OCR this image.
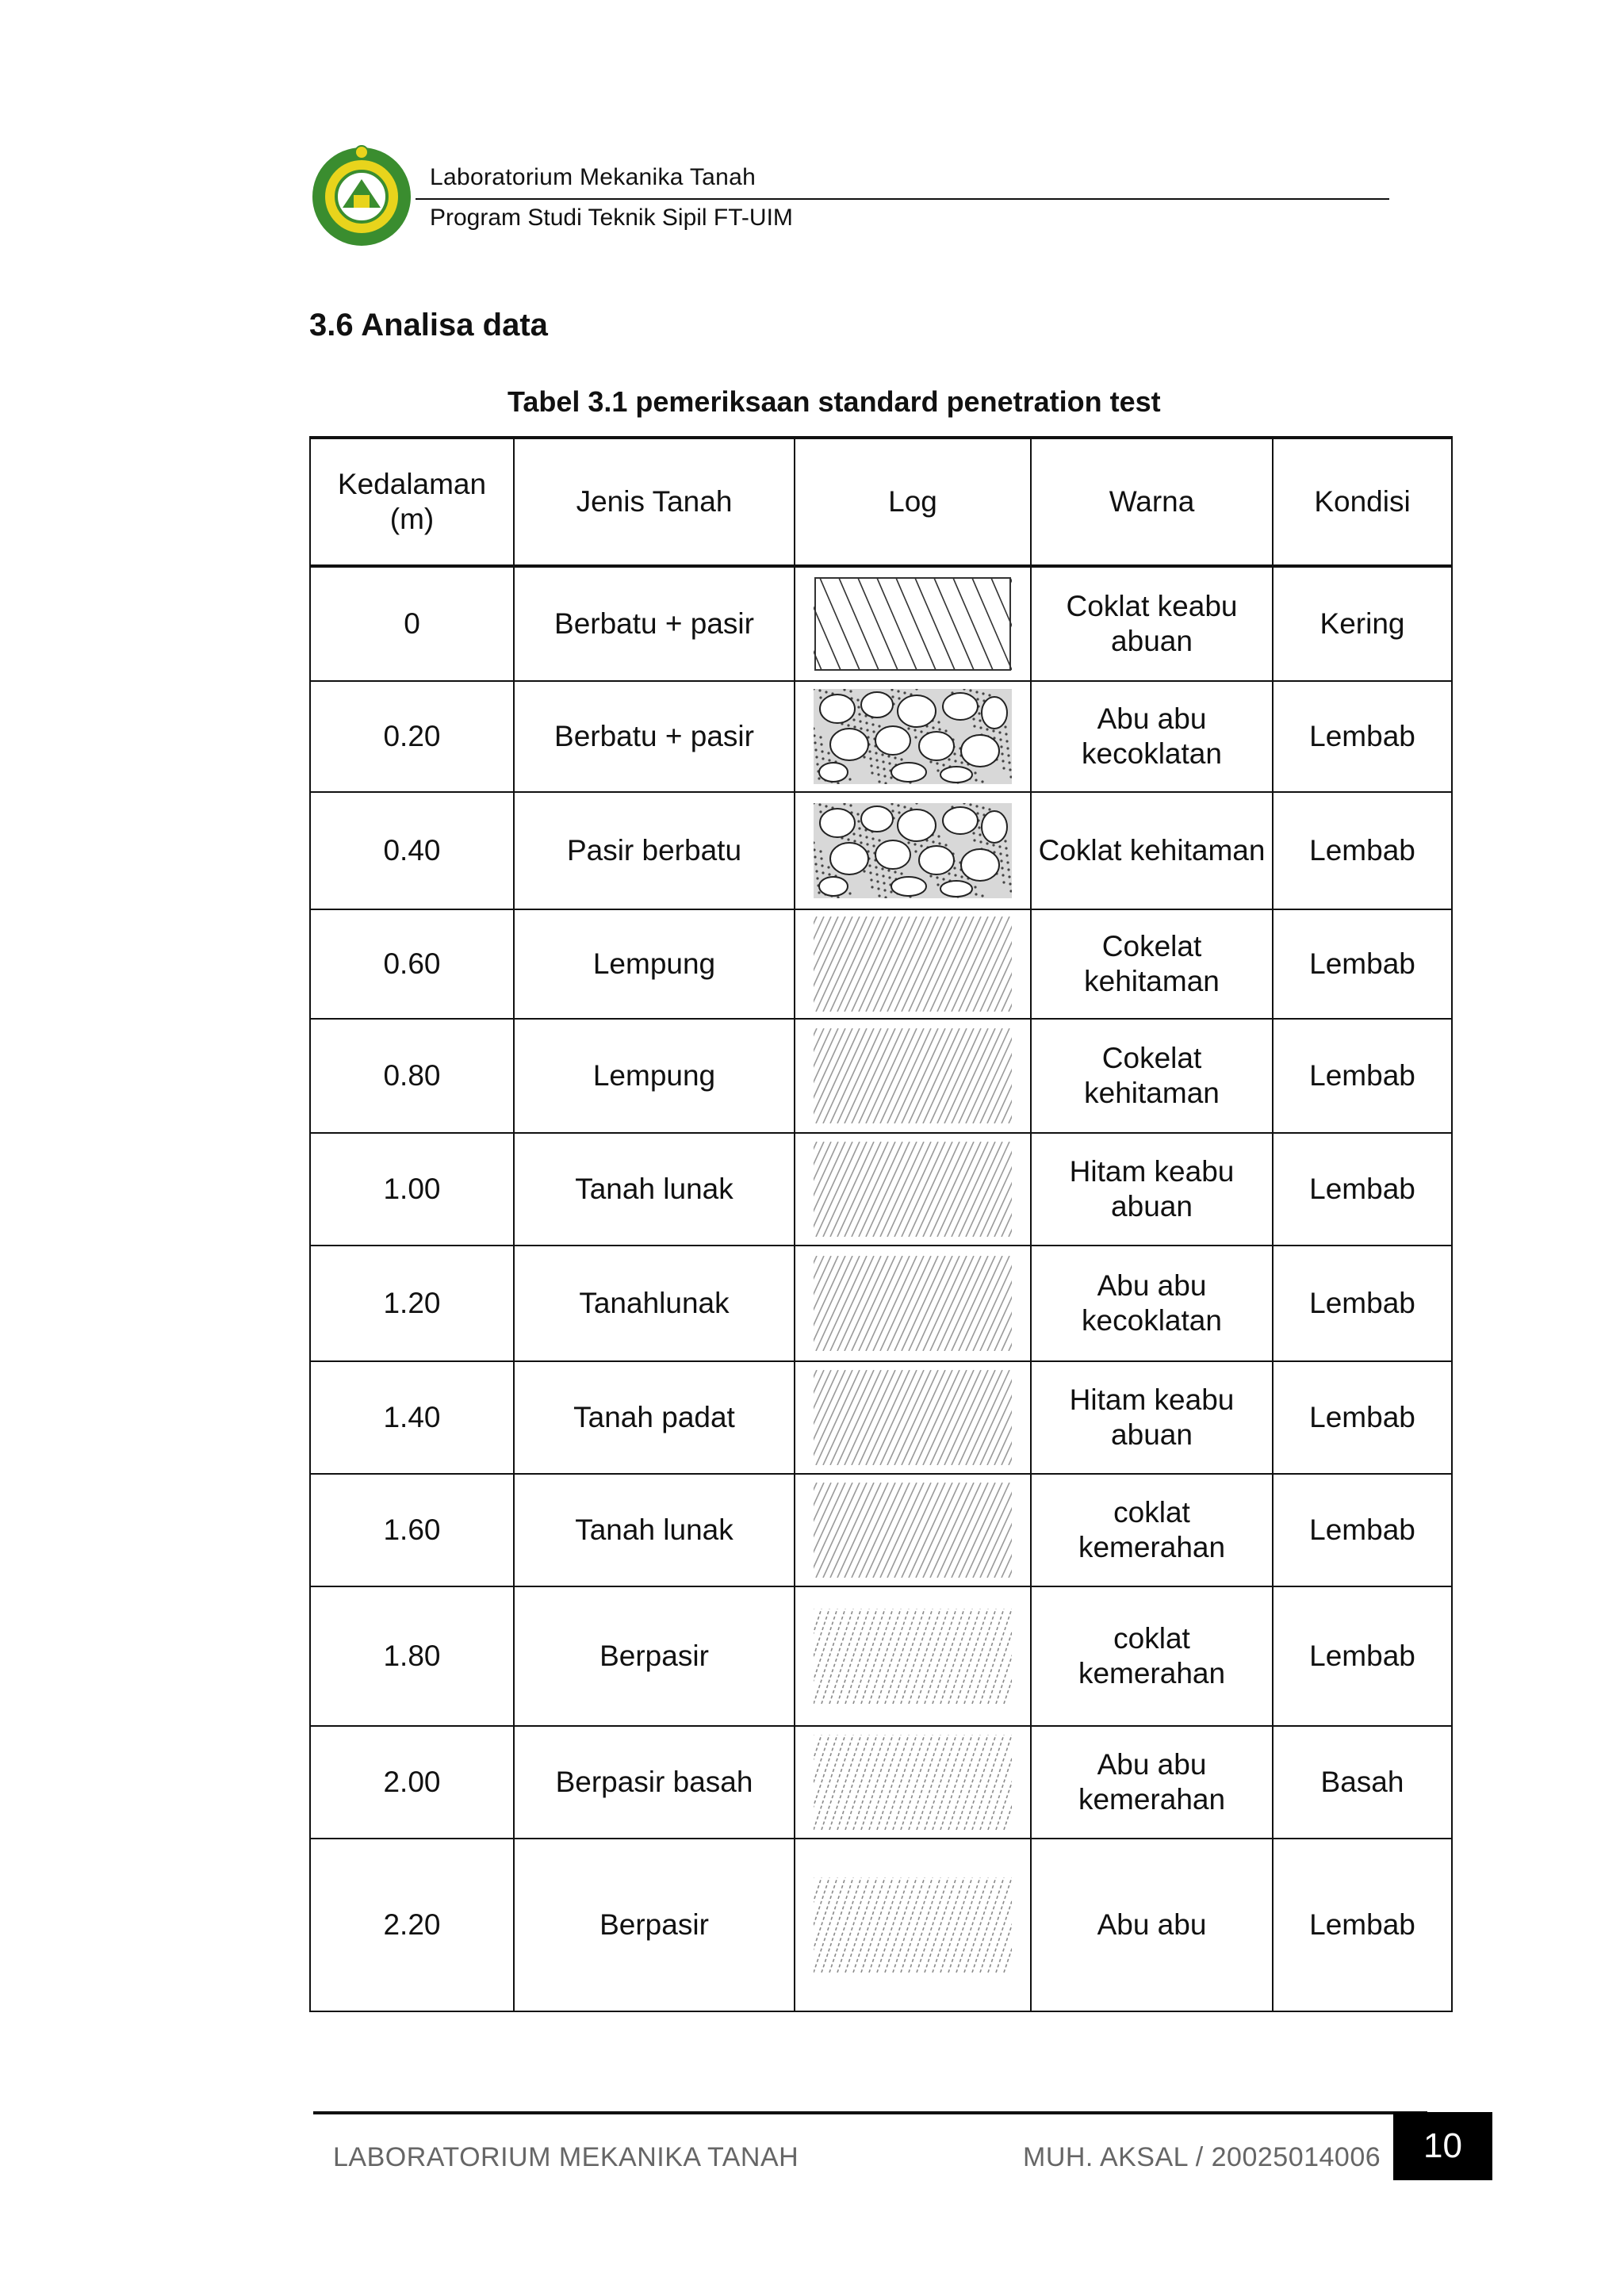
Laboratorium Mekanika Tanah
Program Studi Teknik Sipil FT-UIM
3.6 Analisa data
Tabel 3.1 pemeriksaan standard penetration test
Kedalaman (m)	Jenis Tanah	Log	Warna	Kondisi
0	Berbatu + pasir		Coklat keabu abuan	Kering
0.20	Berbatu + pasir		Abu abu kecoklatan	Lembab
0.40	Pasir berbatu		Coklat kehitaman	Lembab
0.60	Lempung		Cokelat kehitaman	Lembab
0.80	Lempung		Cokelat kehitaman	Lembab
1.00	Tanah lunak		Hitam keabu abuan	Lembab
1.20	Tanahlunak		Abu abu kecoklatan	Lembab
1.40	Tanah padat		Hitam keabu abuan	Lembab
1.60	Tanah lunak		coklat kemerahan	Lembab
1.80	Berpasir		coklat kemerahan	Lembab
2.00	Berpasir basah		Abu abu kemerahan	Basah
2.20	Berpasir		Abu abu	Lembab
LABORATORIUM MEKANIKA TANAH	MUH. AKSAL / 20025014006	10
